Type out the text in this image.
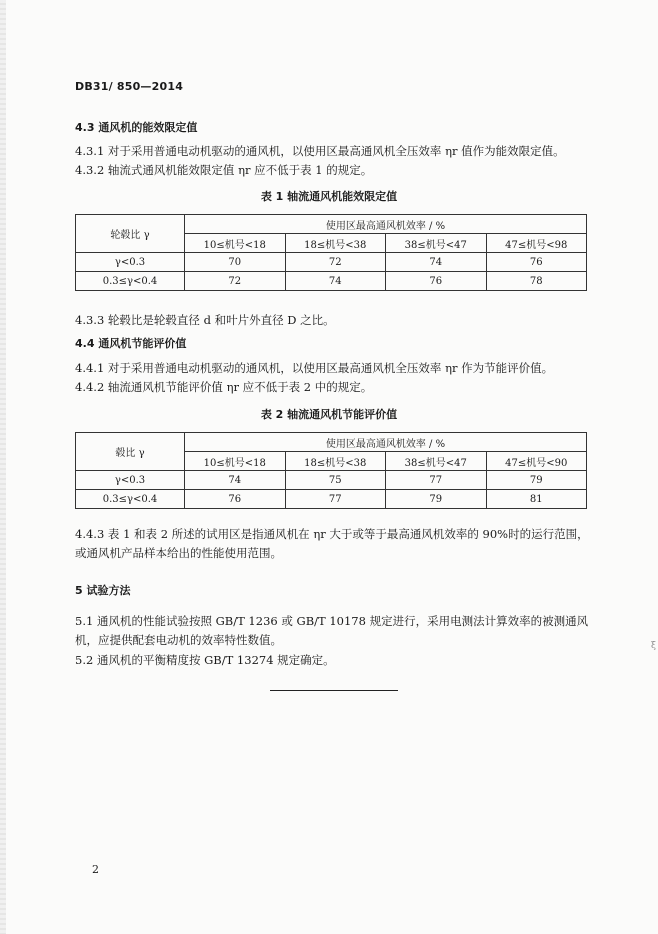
DB31/ 850—2014
4.3 通风机的能效限定值
4.3.1 对于采用普通电动机驱动的通风机，以使用区最高通风机全压效率 ηr 值作为能效限定值。
4.3.2 轴流式通风机能效限定值 ηr 应不低于表 1 的规定。
表 1 轴流通风机能效限定值
轮毂比 γ	使用区最高通风机效率 / %			
	10≤机号<18	18≤机号<38	38≤机号<47	47≤机号<98
γ<0.3	70	72	74	76
0.3≤γ<0.4	72	74	76	78
4.3.3 轮毂比是轮毂直径 d 和叶片外直径 D 之比。
4.4 通风机节能评价值
4.4.1 对于采用普通电动机驱动的通风机，以使用区最高通风机全压效率 ηr 作为节能评价值。
4.4.2 轴流通风机节能评价值 ηr 应不低于表 2 中的规定。
表 2 轴流通风机节能评价值
毂比 γ	使用区最高通风机效率 / %			
	10≤机号<18	18≤机号<38	38≤机号<47	47≤机号<90
γ<0.3	74	75	77	79
0.3≤γ<0.4	76	77	79	81
4.4.3 表 1 和表 2 所述的试用区是指通风机在 ηr 大于或等于最高通风机效率的 90%时的运行范围，或通风机产品样本给出的性能使用范围。
5 试验方法
5.1 通风机的性能试验按照 GB/T 1236 或 GB/T 10178 规定进行，采用电测法计算效率的被测通风机，应提供配套电动机的效率特性数值。
5.2 通风机的平衡精度按 GB/T 13274 规定确定。
ξ
2
